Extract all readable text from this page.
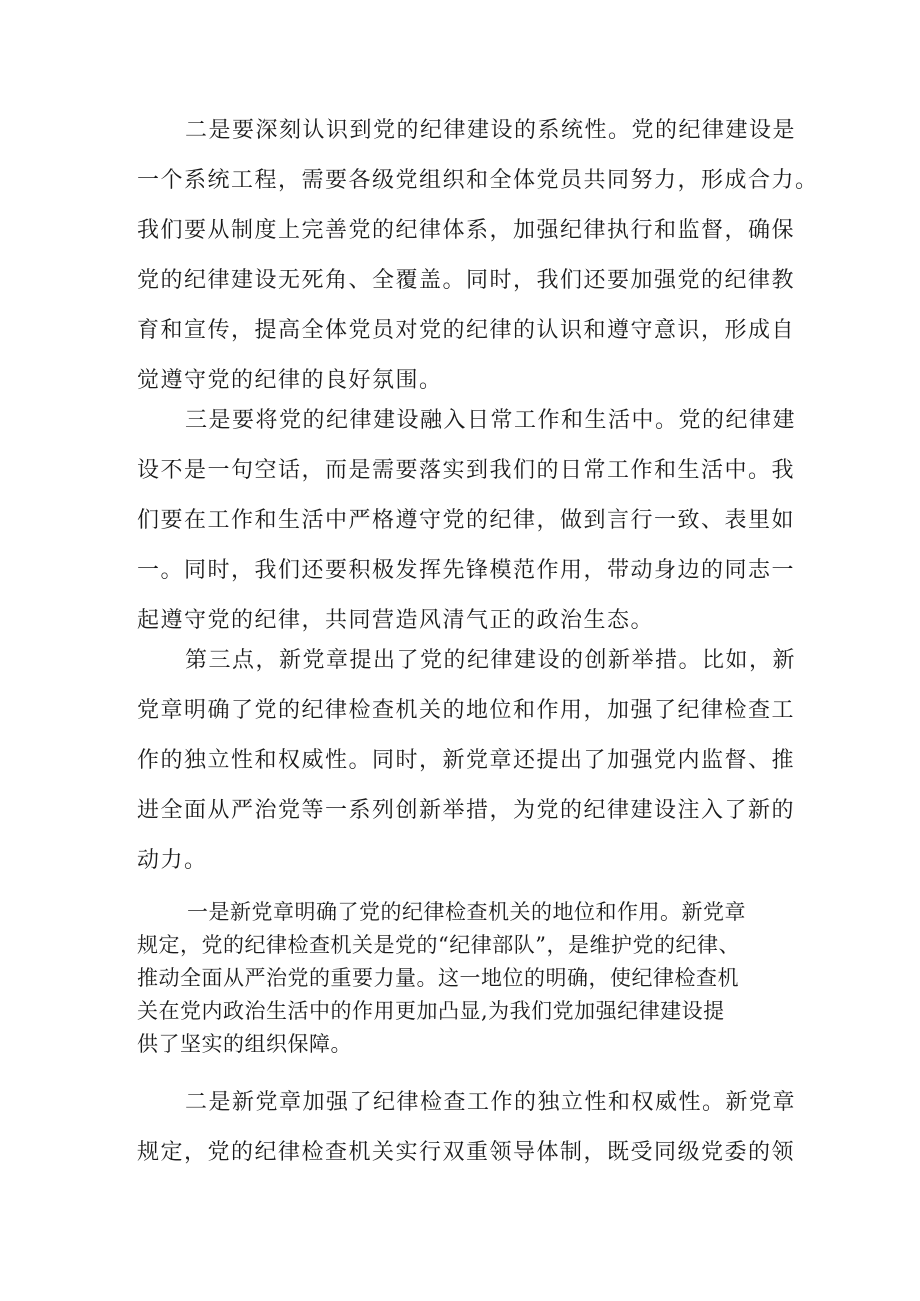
二是要深刻认识到党的纪律建设的系统性。党的纪律建设是
一个系统工程，需要各级党组织和全体党员共同努力，形成合力。
我们要从制度上完善党的纪律体系，加强纪律执行和监督，确保
党的纪律建设无死角、全覆盖。同时，我们还要加强党的纪律教
育和宣传，提高全体党员对党的纪律的认识和遵守意识，形成自
觉遵守党的纪律的良好氛围。
三是要将党的纪律建设融入日常工作和生活中。党的纪律建
设不是一句空话，而是需要落实到我们的日常工作和生活中。我
们要在工作和生活中严格遵守党的纪律，做到言行一致、表里如
一。同时，我们还要积极发挥先锋模范作用，带动身边的同志一
起遵守党的纪律，共同营造风清气正的政治生态。
第三点，新党章提出了党的纪律建设的创新举措。比如，新
党章明确了党的纪律检查机关的地位和作用，加强了纪律检查工
作的独立性和权威性。同时，新党章还提出了加强党内监督、推
进全面从严治党等一系列创新举措，为党的纪律建设注入了新的
动力。
一是新党章明确了党的纪律检查机关的地位和作用。新党章
规定，党的纪律检查机关是党的“纪律部队”，是维护党的纪律、
推动全面从严治党的重要力量。这一地位的明确，使纪律检查机
关在党内政治生活中的作用更加凸显,为我们党加强纪律建设提
供了坚实的组织保障。
二是新党章加强了纪律检查工作的独立性和权威性。新党章
规定，党的纪律检查机关实行双重领导体制，既受同级党委的领
